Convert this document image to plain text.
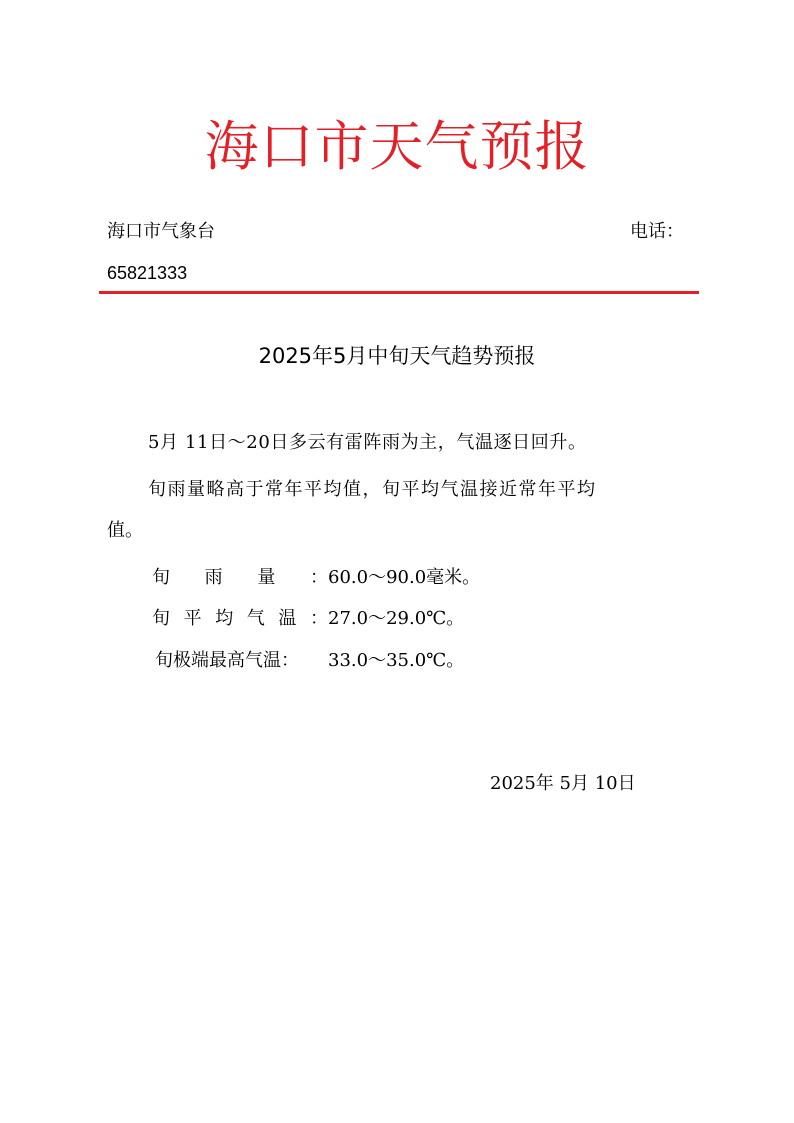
海口市天气预报
海口市气象台	电话：
65821333
2025年5月中旬天气趋势预报
5月 11日～20日多云有雷阵雨为主，气温逐日回升。
旬雨量略高于常年平均值，旬平均气温接近常年平均
值。
旬雨量：60.0～90.0毫米。
旬平均气温：27.0～29.0℃。
旬极端最高气温： 33.0～35.0℃。
2025年 5月 10日
